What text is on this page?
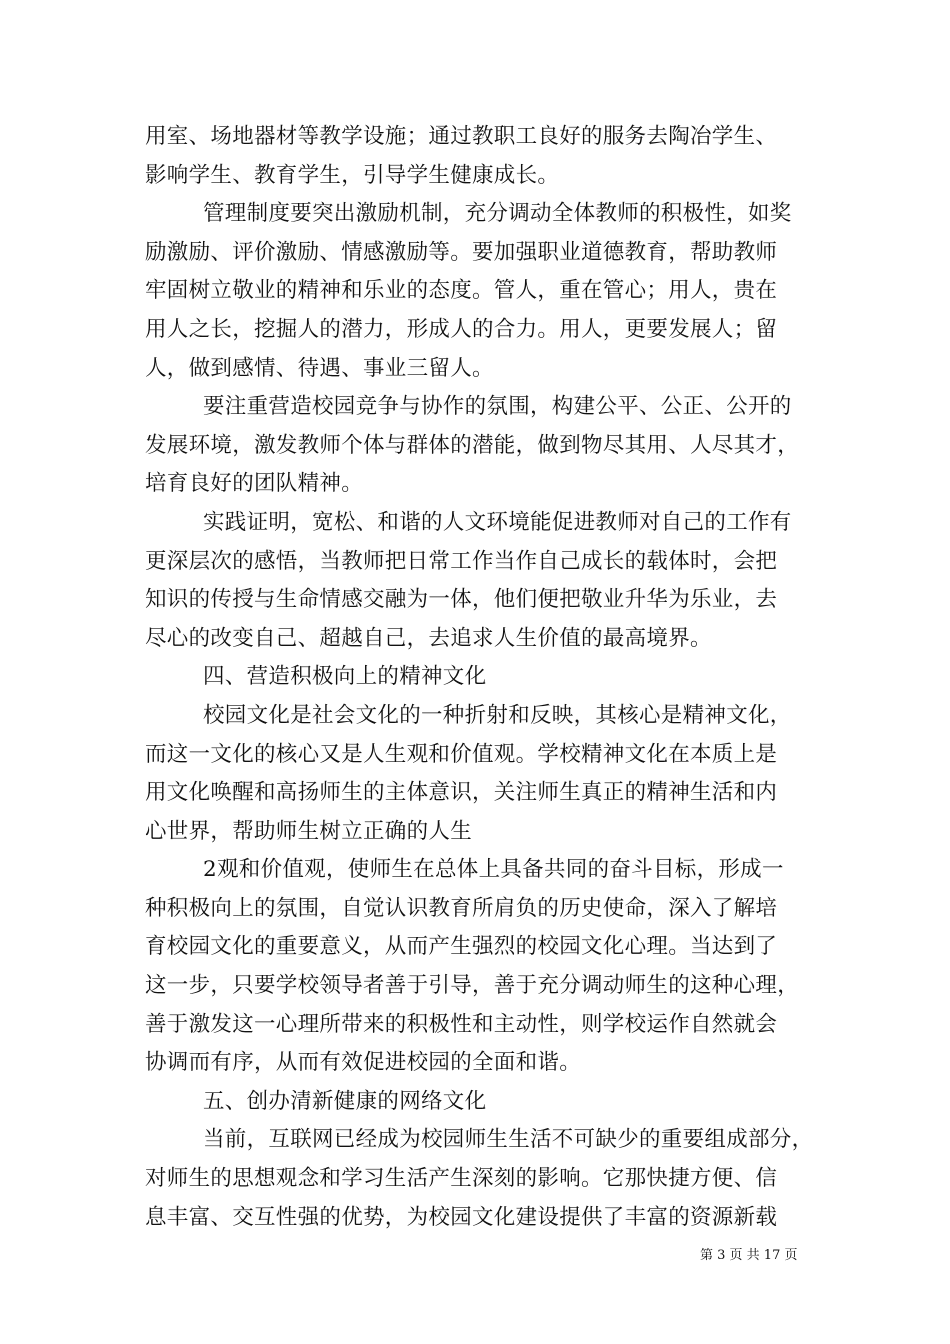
用室、场地器材等教学设施；通过教职工良好的服务去陶冶学生、
影响学生、教育学生，引导学生健康成长。
管理制度要突出激励机制，充分调动全体教师的积极性，如奖
励激励、评价激励、情感激励等。要加强职业道德教育，帮助教师
牢固树立敬业的精神和乐业的态度。管人，重在管心；用人，贵在
用人之长，挖掘人的潜力，形成人的合力。用人，更要发展人；留
人，做到感情、待遇、事业三留人。
要注重营造校园竞争与协作的氛围，构建公平、公正、公开的
发展环境，激发教师个体与群体的潜能，做到物尽其用、人尽其才，
培育良好的团队精神。
实践证明，宽松、和谐的人文环境能促进教师对自己的工作有
更深层次的感悟，当教师把日常工作当作自己成长的载体时，会把
知识的传授与生命情感交融为一体，他们便把敬业升华为乐业，去
尽心的改变自己、超越自己，去追求人生价值的最高境界。
四、营造积极向上的精神文化
校园文化是社会文化的一种折射和反映，其核心是精神文化，
而这一文化的核心又是人生观和价值观。学校精神文化在本质上是
用文化唤醒和高扬师生的主体意识，关注师生真正的精神生活和内
心世界，帮助师生树立正确的人生
2观和价值观，使师生在总体上具备共同的奋斗目标，形成一
种积极向上的氛围，自觉认识教育所肩负的历史使命，深入了解培
育校园文化的重要意义，从而产生强烈的校园文化心理。当达到了
这一步，只要学校领导者善于引导，善于充分调动师生的这种心理，
善于激发这一心理所带来的积极性和主动性，则学校运作自然就会
协调而有序，从而有效促进校园的全面和谐。
五、创办清新健康的网络文化
当前，互联网已经成为校园师生生活不可缺少的重要组成部分，
对师生的思想观念和学习生活产生深刻的影响。它那快捷方便、信
息丰富、交互性强的优势，为校园文化建设提供了丰富的资源新载
第 3 页 共 17 页
